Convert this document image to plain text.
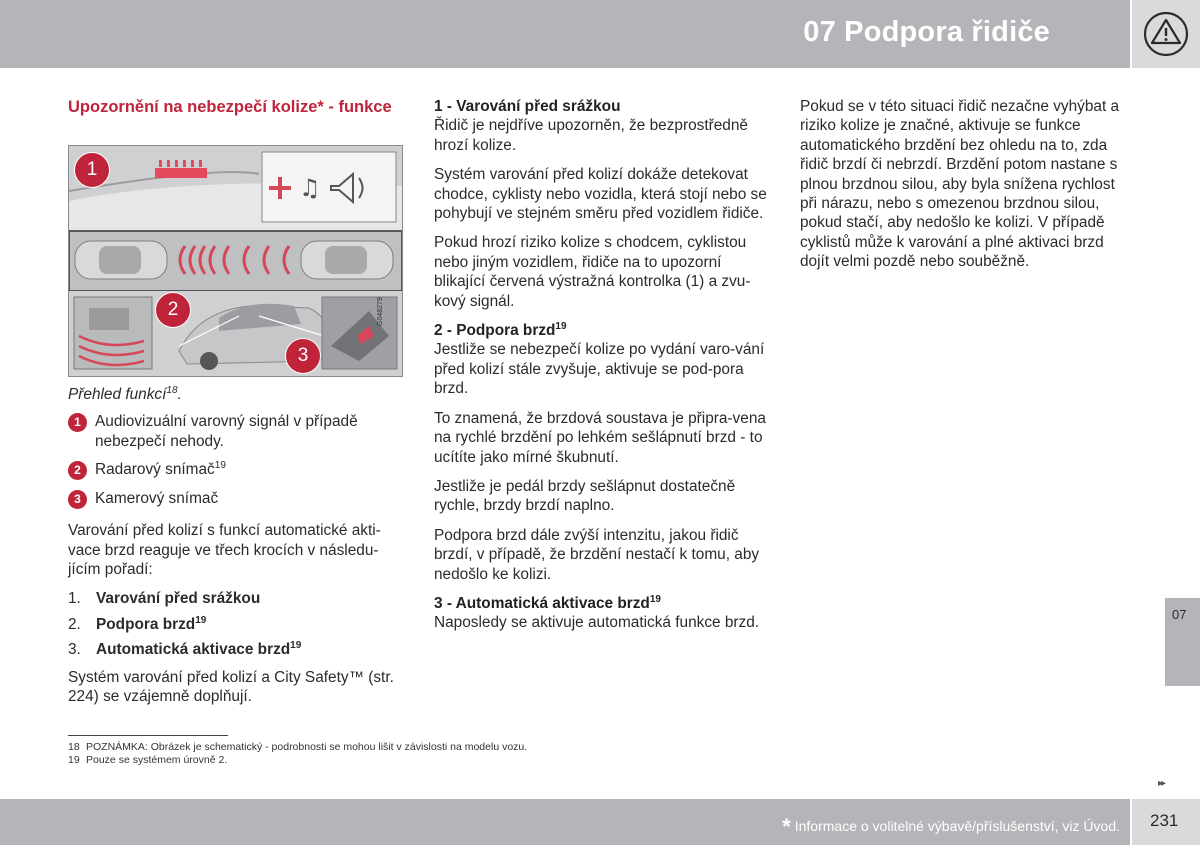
07 Podpora řidiče
Upozornění na nebezpečí kolize* - funkce
♫
1
2
3
G048279

Přehled funkcí$^{18}$.

1 Audiovizuální varovný signál v případě nebezpečí nehody.
2 Radarový snímač$^{19}$
3 Kamerový snímač

Varování před kolizí s funkcí automatické akti-vace brzd reaguje ve třech krocích v následu-jícím pořadí:

1. Varování před srážkou
2. Podpora brzd$^{19}$
3. Automatická aktivace brzd$^{19}$

Systém varování před kolizí a City Safety™ (str. 224) se vzájemně doplňují.

1 - Varování před srážkou

Řidič je nejdříve upozorněn, že bezprostředně hrozí kolize.

Systém varování před kolizí dokáže detekovat chodce, cyklisty nebo vozidla, která stojí nebo se pohybují ve stejném směru před vozidlem řidiče.

Pokud hrozí riziko kolize s chodcem, cyklistou nebo jiným vozidlem, řidiče na to upozorní blikající červená výstražná kontrolka (1) a zvu-kový signál.

2 - Podpora brzd$^{19}$

Jestliže se nebezpečí kolize po vydání varo-vání před kolizí stále zvyšuje, aktivuje se pod-pora brzd.

To znamená, že brzdová soustava je připra-vena na rychlé brzdění po lehkém sešlápnutí brzd - to ucítíte jako mírné škubnutí.

Jestliže je pedál brzdy sešlápnut dostatečně rychle, brzdy brzdí naplno.

Podpora brzd dále zvýší intenzitu, jakou řidič brzdí, v případě, že brzdění nestačí k tomu, aby nedošlo ke kolizi.

3 - Automatická aktivace brzd$^{19}$

Naposledy se aktivuje automatická funkce brzd.

Pokud se v této situaci řidič nezačne vyhýbat a riziko kolize je značné, aktivuje se funkce automatického brzdění bez ohledu na to, zda řidič brzdí či nebrzdí. Brzdění potom nastane s plnou brzdnou silou, aby byla snížena rychlost při nárazu, nebo s omezenou brzdnou silou, pokud stačí, aby nedošlo ke kolizi. V případě cyklistů může k varování a plné aktivaci brzd dojít velmi pozdě nebo souběžně.

18 POZNÁMKA: Obrázek je schematický - podrobnosti se mohou lišit v závislosti na modelu vozu.
19 Pouze se systémem úrovně 2.
07
▸▸
* Informace o volitelné výbavě/příslušenství, viz Úvod. 231
